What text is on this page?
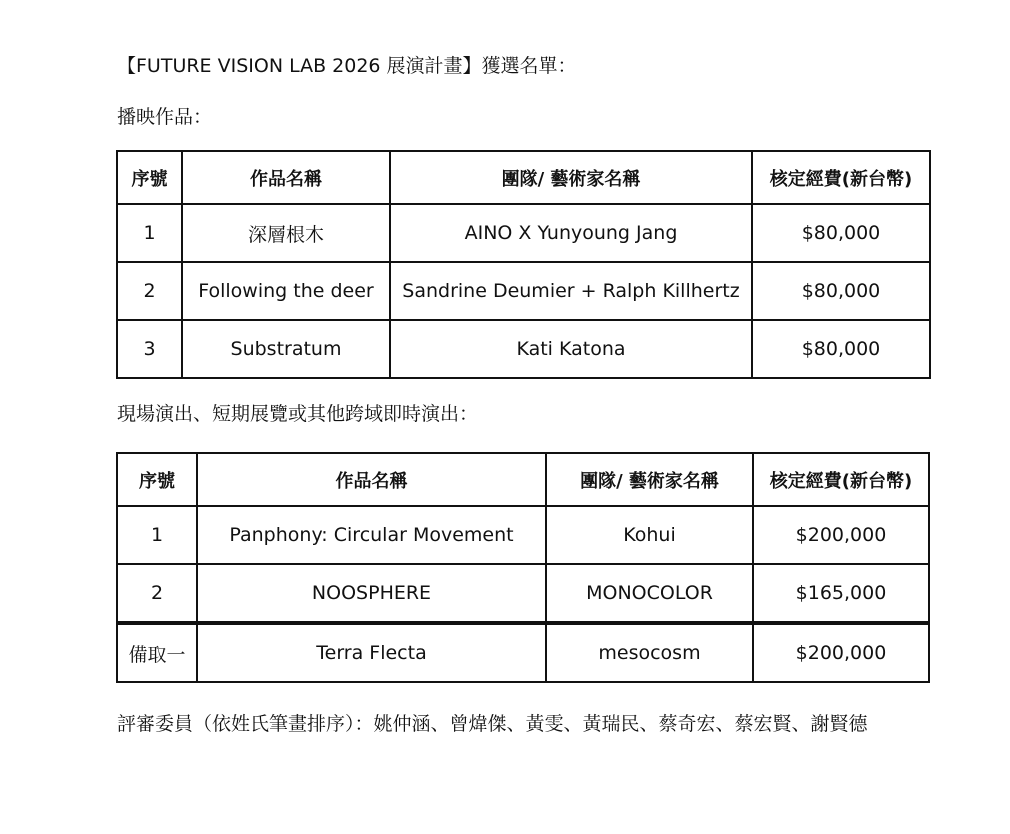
【FUTURE VISION LAB 2026 展演計畫】獲選名單：
播映作品：
序號	作品名稱	團隊/ 藝術家名稱	核定經費(新台幣)
1	深層根木	AINO X Yunyoung Jang	$80,000
2	Following the deer	Sandrine Deumier + Ralph Killhertz	$80,000
3	Substratum	Kati Katona	$80,000
現場演出、短期展覽或其他跨域即時演出：
序號	作品名稱	團隊/ 藝術家名稱	核定經費(新台幣)
1	Panphony: Circular Movement	Kohui	$200,000
2	NOOSPHERE	MONOCOLOR	$165,000
備取一	Terra Flecta	mesocosm	$200,000
評審委員（依姓氏筆畫排序）：姚仲涵、曾煒傑、黃雯、黃瑞民、蔡奇宏、蔡宏賢、謝賢德
